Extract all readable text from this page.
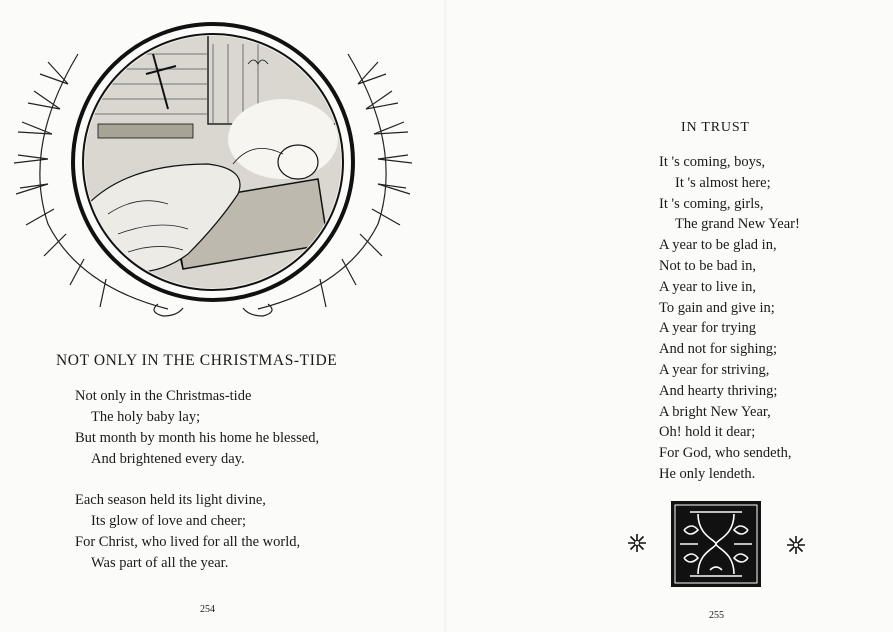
NOT ONLY IN THE CHRISTMAS-TIDE
Not only in the Christmas-tide
The holy baby lay;
But month by month his home he blessed,
And brightened every day.
Each season held its light divine,
Its glow of love and cheer;
For Christ, who lived for all the world,
Was part of all the year.
254
IN TRUST
It 's coming, boys,
It 's almost here;
It 's coming, girls,
The grand New Year!
A year to be glad in,
Not to be bad in,
A year to live in,
To gain and give in;
A year for trying
And not for sighing;
A year for striving,
And hearty thriving;
A bright New Year,
Oh! hold it dear;
For God, who sendeth,
He only lendeth.
255
